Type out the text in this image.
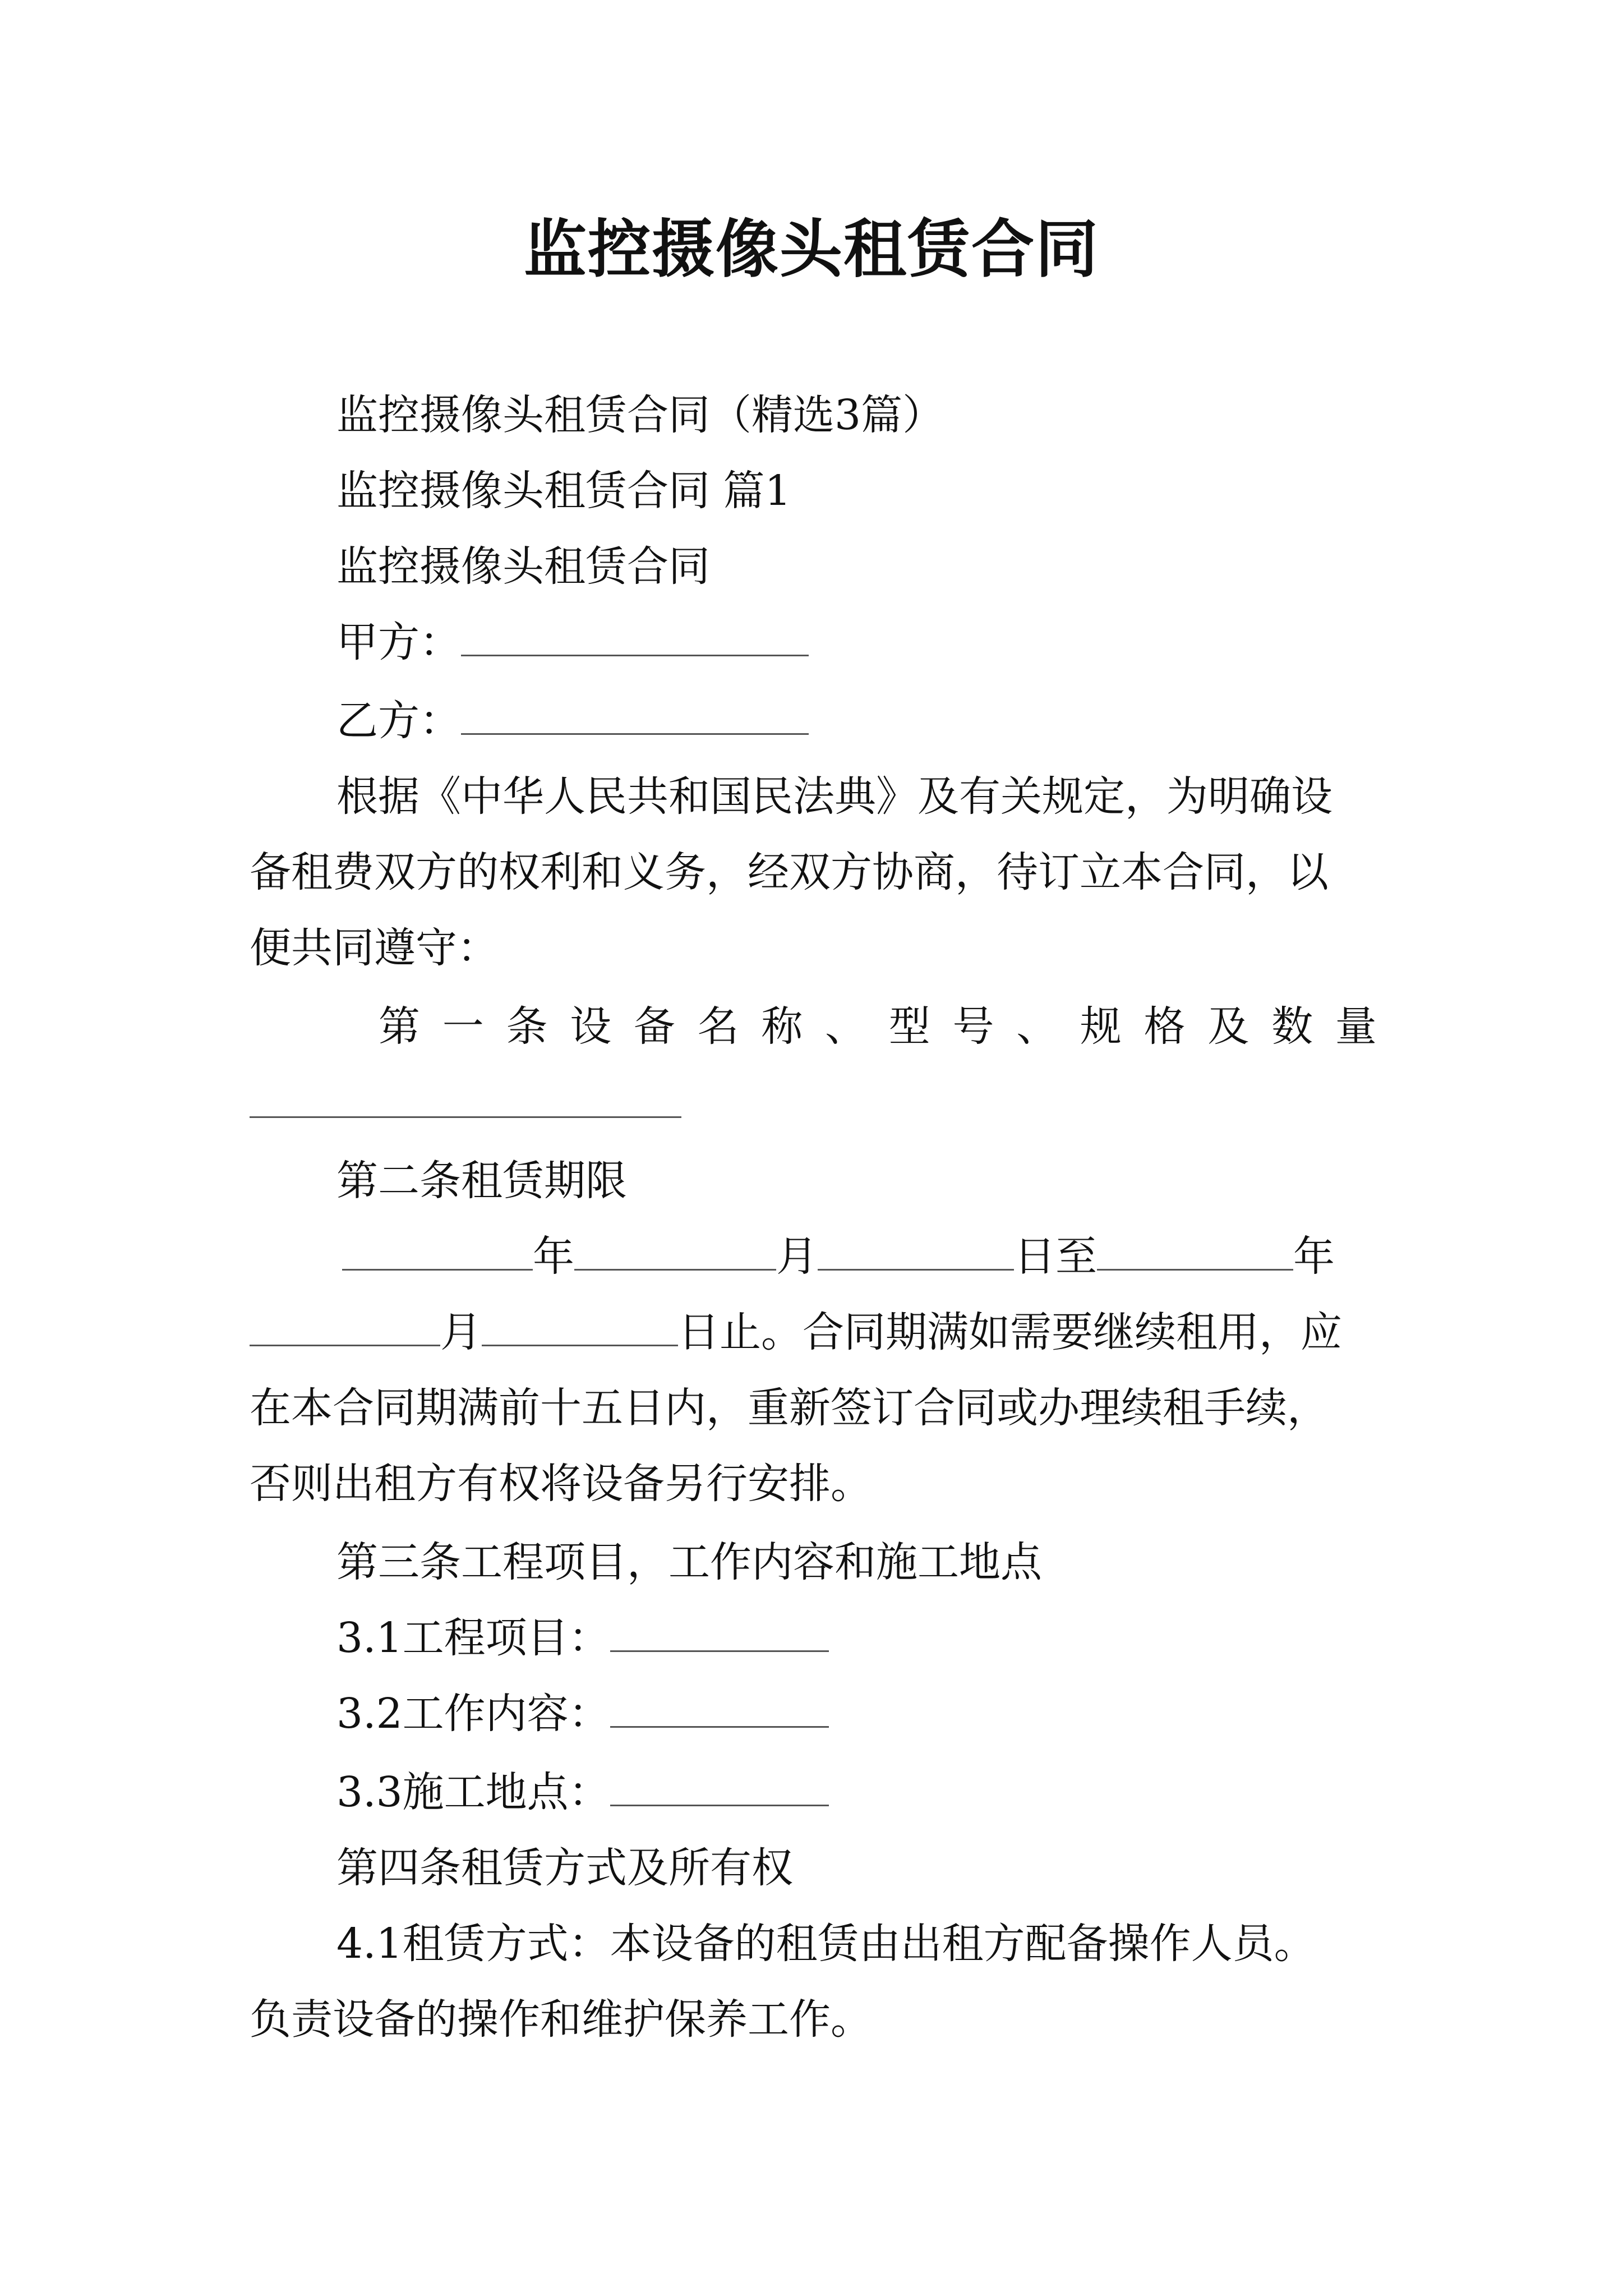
监控摄像头租赁合同
监控摄像头租赁合同（精选3篇）
监控摄像头租赁合同 篇1
监控摄像头租赁合同
甲方：
乙方：
根据《中华人民共和国民法典》及有关规定，为明确设
备租费双方的权利和义务，经双方协商，待订立本合同，以
便共同遵守：
第 一 条 设 备 名 称 、 型 号 、 规 格 及 数 量
第二条租赁期限
年	月	日至	年
月	日止。合同期满如需要继续租用，应
在本合同期满前十五日内，重新签订合同或办理续租手续，
否则出租方有权将设备另行安排。
第三条工程项目，工作内容和施工地点
3.1工程项目：
3.2工作内容：
3.3施工地点：
第四条租赁方式及所有权
4.1租赁方式：本设备的租赁由出租方配备操作人员。
负责设备的操作和维护保养工作。
